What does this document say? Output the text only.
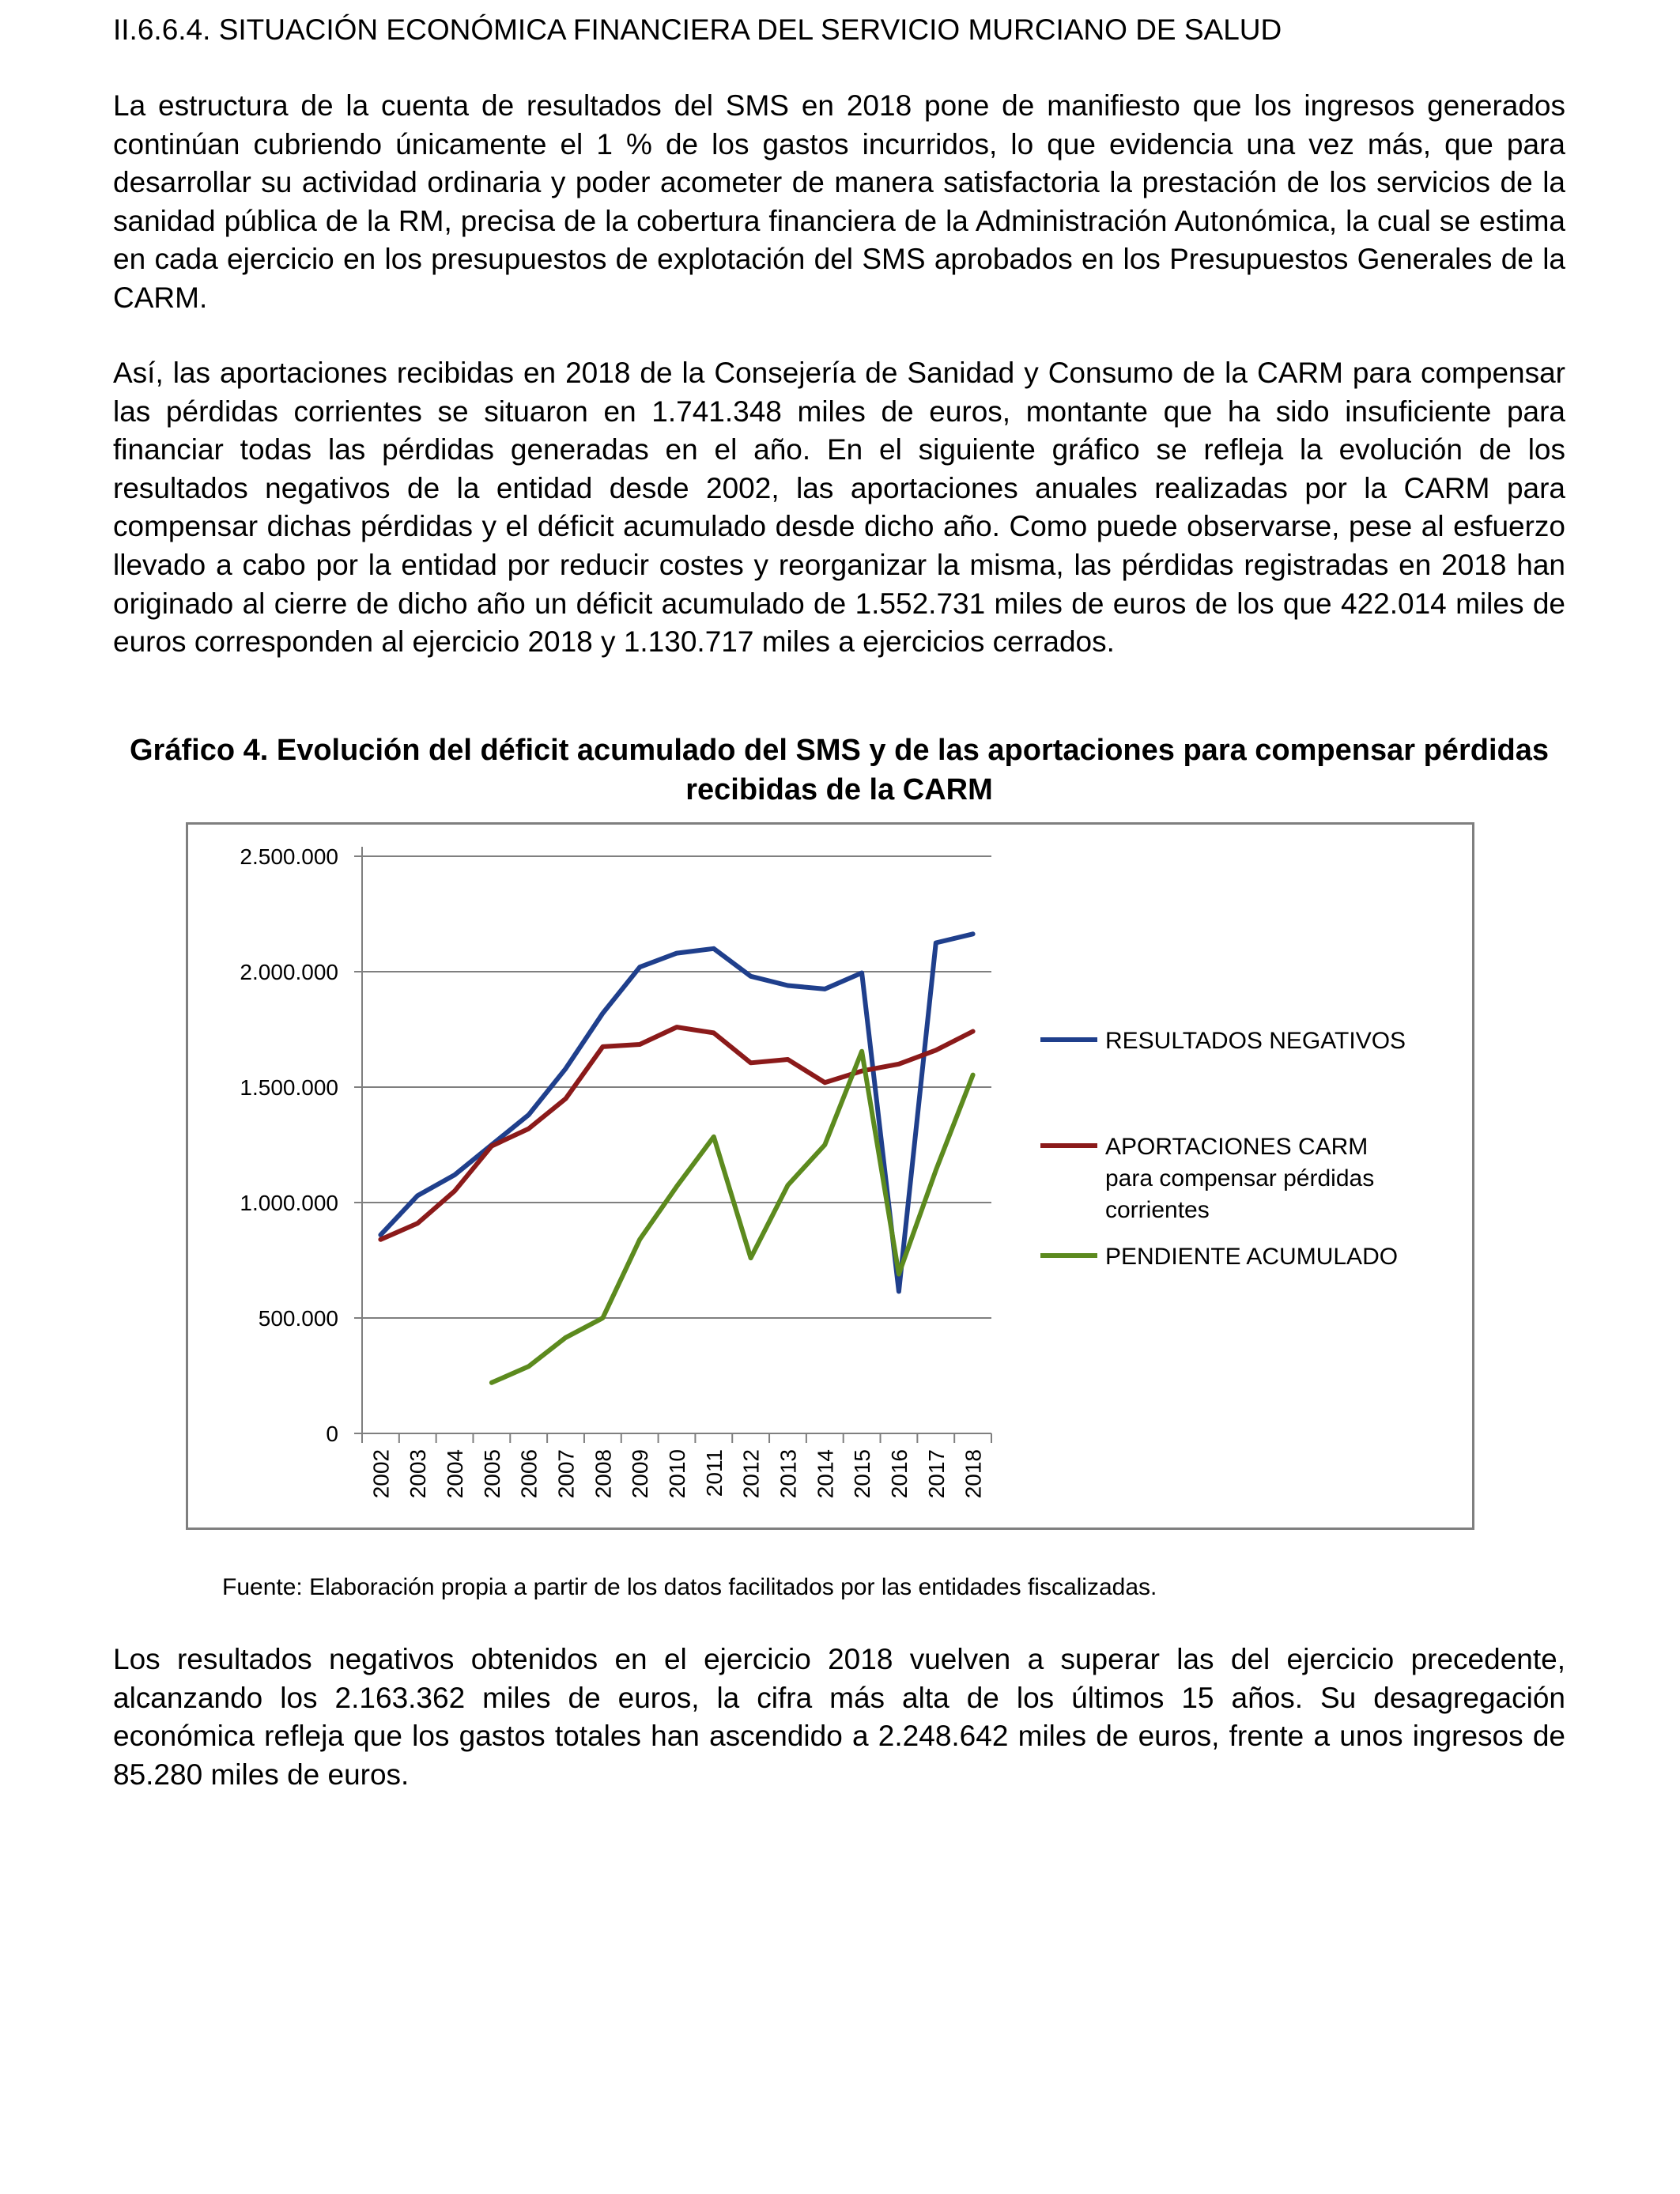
II.6.6.4. SITUACIÓN ECONÓMICA FINANCIERA DEL SERVICIO MURCIANO DE SALUD

La estructura de la cuenta de resultados del SMS en 2018 pone de manifiesto que los ingresos generados continúan cubriendo únicamente el 1 % de los gastos incurridos, lo que evidencia una vez más, que para desarrollar su actividad ordinaria y poder acometer de manera satisfactoria la prestación de los servicios de la sanidad pública de la RM, precisa de la cobertura financiera de la Administración Autonómica, la cual se estima en cada ejercicio en los presupuestos de explotación del SMS aprobados en los Presupuestos Generales de la CARM.

Así, las aportaciones recibidas en 2018 de la Consejería de Sanidad y Consumo de la CARM para compensar las pérdidas corrientes se situaron en 1.741.348 miles de euros, montante que ha sido insuficiente para financiar todas las pérdidas generadas en el año. En el siguiente gráfico se refleja la evolución de los resultados negativos de la entidad desde 2002, las aportaciones anuales realizadas por la CARM para compensar dichas pérdidas y el déficit acumulado desde dicho año. Como puede observarse, pese al esfuerzo llevado a cabo por la entidad por reducir costes y reorganizar la misma, las pérdidas registradas en 2018 han originado al cierre de dicho año un déficit acumulado de 1.552.731 miles de euros de los que 422.014 miles de euros corresponden al ejercicio 2018 y 1.130.717 miles a ejercicios cerrados.

Gráfico 4. Evolución del déficit acumulado del SMS y de las aportaciones para compensar pérdidas recibidas de la CARM

0
500.000
1.000.000
1.500.000
2.000.000
2.500.000
2002 2003 2004 2005 2006 2007 2008 2009 2010 2011 2012 2013 2014 2015 2016 2017 2018
RESULTADOS NEGATIVOS
APORTACIONES CARM
para compensar pérdidas
corrientes
PENDIENTE ACUMULADO

Fuente: Elaboración propia a partir de los datos facilitados por las entidades fiscalizadas.

Los resultados negativos obtenidos en el ejercicio 2018 vuelven a superar las del ejercicio precedente, alcanzando los 2.163.362 miles de euros, la cifra más alta de los últimos 15 años. Su desagregación económica refleja que los gastos totales han ascendido a 2.248.642 miles de euros, frente a unos ingresos de 85.280 miles de euros.
